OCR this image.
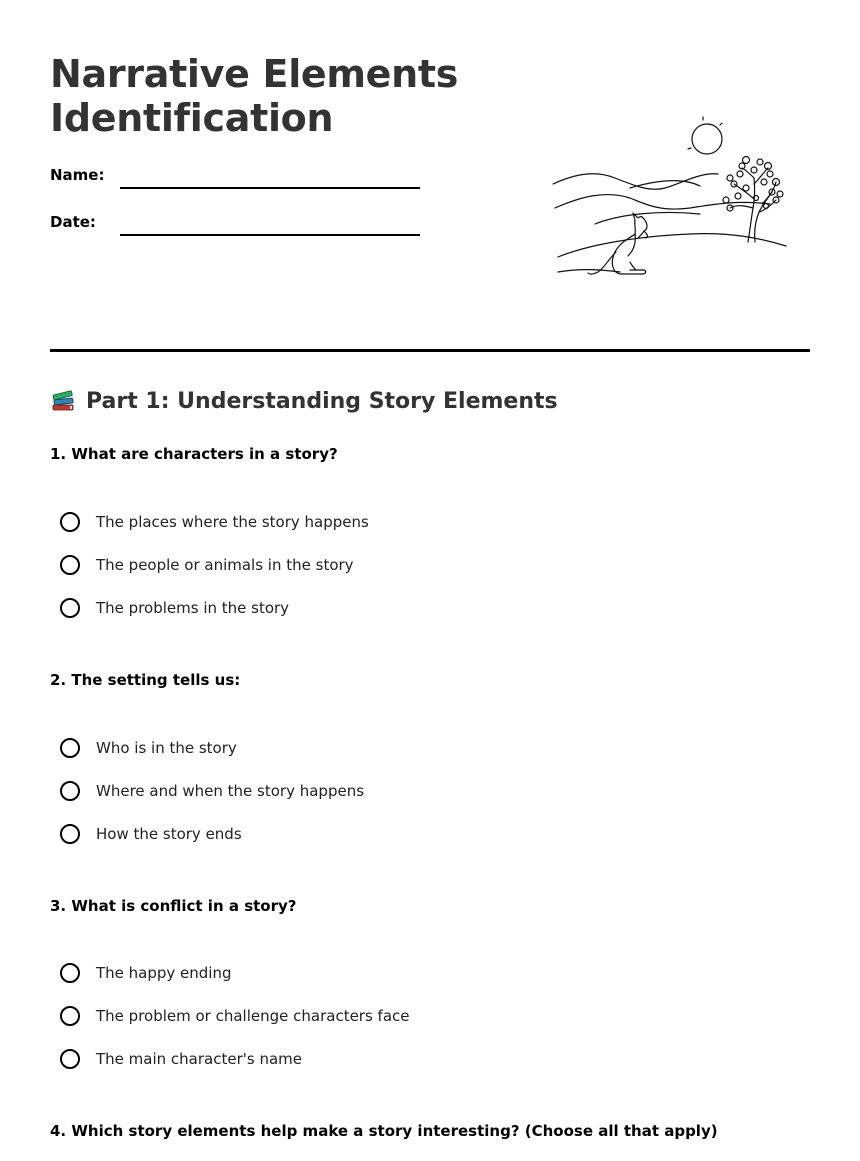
Narrative Elements
Identification
Name:
Date:
Part 1: Understanding Story Elements
1. What are characters in a story?
The places where the story happens
The people or animals in the story
The problems in the story
2. The setting tells us:
Who is in the story
Where and when the story happens
How the story ends
3. What is conflict in a story?
The happy ending
The problem or challenge characters face
The main character's name
4. Which story elements help make a story interesting? (Choose all that apply)
